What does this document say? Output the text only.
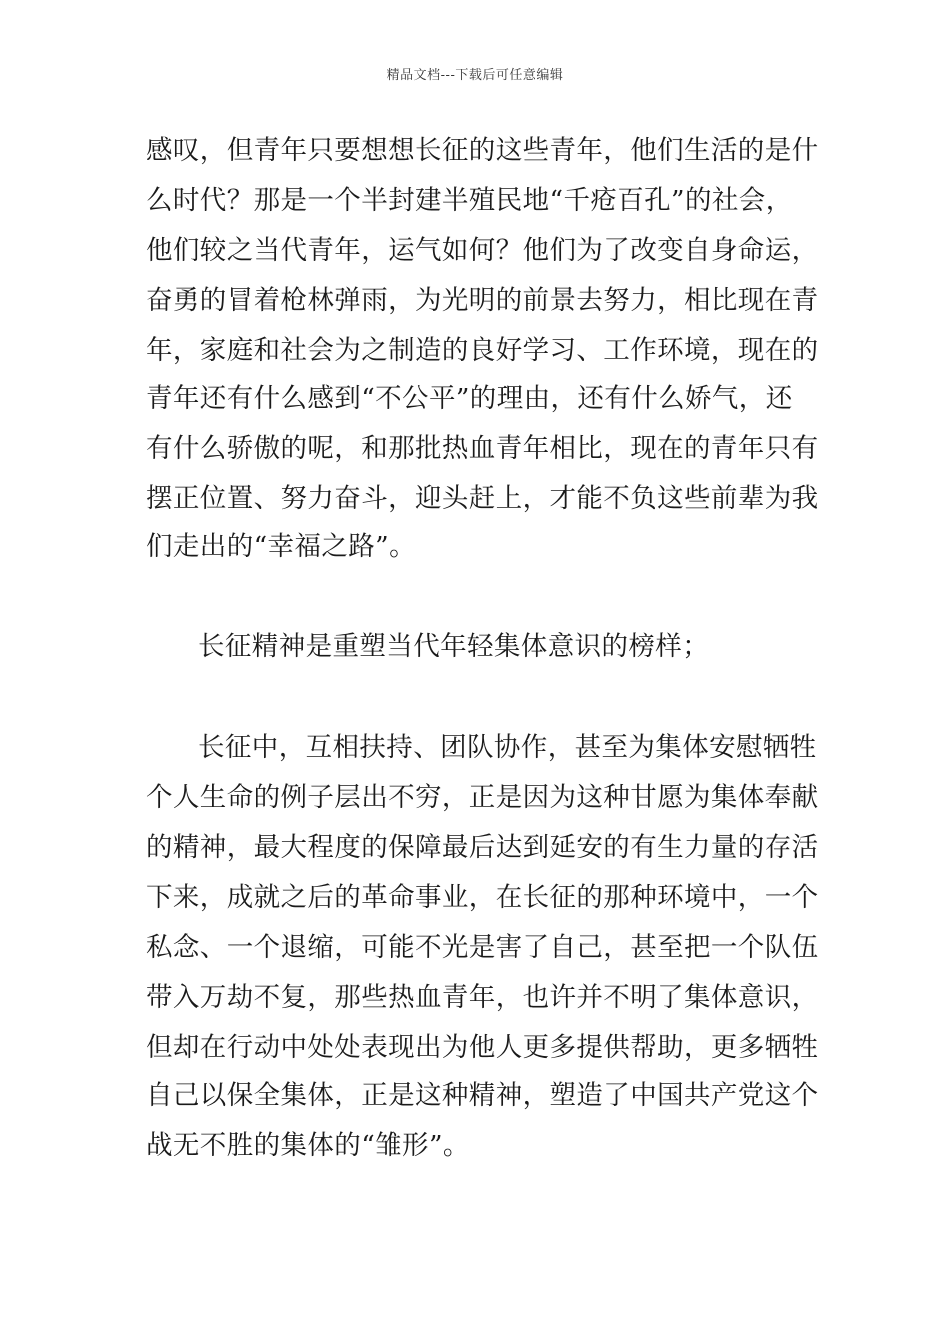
精品文档---下载后可任意编辑
感叹，但青年只要想想长征的这些青年，他们生活的是什
么时代？那是一个半封建半殖民地“千疮百孔”的社会，
他们较之当代青年，运气如何？他们为了改变自身命运，
奋勇的冒着枪林弹雨，为光明的前景去努力，相比现在青
年，家庭和社会为之制造的良好学习、工作环境，现在的
青年还有什么感到“不公平”的理由，还有什么娇气，还
有什么骄傲的呢，和那批热血青年相比，现在的青年只有
摆正位置、努力奋斗，迎头赶上，才能不负这些前辈为我
们走出的“幸福之路”。
长征精神是重塑当代年轻集体意识的榜样；
长征中，互相扶持、团队协作，甚至为集体安慰牺牲
个人生命的例子层出不穷，正是因为这种甘愿为集体奉献
的精神，最大程度的保障最后达到延安的有生力量的存活
下来，成就之后的革命事业，在长征的那种环境中，一个
私念、一个退缩，可能不光是害了自己，甚至把一个队伍
带入万劫不复，那些热血青年，也许并不明了集体意识，
但却在行动中处处表现出为他人更多提供帮助，更多牺牲
自己以保全集体，正是这种精神，塑造了中国共产党这个
战无不胜的集体的“雏形”。
